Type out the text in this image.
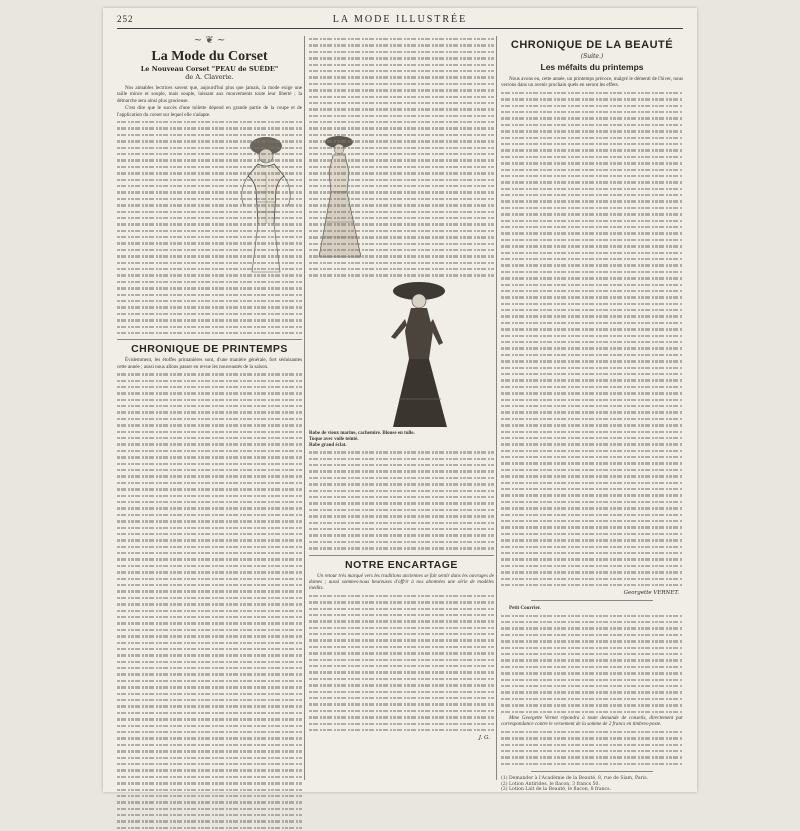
252	LA MODE ILLUSTRÉE
~ ❦ ~
La Mode du Corset
Le Nouveau Corset "PEAU de SUÈDE"
de A. Claverie.

Nos aimables lectrices savent que, aujourd'hui plus que jamais, la mode exige une taille mince et souple, mais souple, laissant aux mouvements toute leur liberté ; la démarche sera ainsi plus gracieuse.

C'est dire que le succès d'une toilette dépend en grande partie de la coupe et de l'application du corset sur lequel elle s'adapte.

CHRONIQUE DE PRINTEMPS

Évidemment, les étoffes printanières sont, d'une manière générale, fort séduisantes cette année ; aussi nous allons passer en revue les nouveautés de la saison.

Robe de vieux marine, cachemire. Blouse en tulle.
Toque avec voile teinté.
Robe grand éclat.
NOTRE ENCARTAGE

Un retour très marqué vers les traditions anciennes se fait sentir dans les ouvrages de dames ; aussi sommes-nous heureuses d'offrir à nos abonnées une série de modèles inédits.

J. G.
CHRONIQUE DE LA BEAUTÉ
(Suite.)
Les méfaits du printemps

Nous avons eu, cette année, un printemps précoce, malgré le démenti de l'hiver, nous verrons dans un avenir prochain quels en seront les effets.

Georgette VERNET.

Petit Courrier.

Mme Georgette Vernet répondra à toute demande de conseils, directement par correspondance contre le versement de la somme de 2 francs en timbres-poste.

(1) Demander à l'Académie de la Beauté, 8, rue de Siam, Paris.
(2) Lotion Antirides, le flacon, 3 francs 50.
(3) Lotion Lait de la Beauté, le flacon, 8 francs.
